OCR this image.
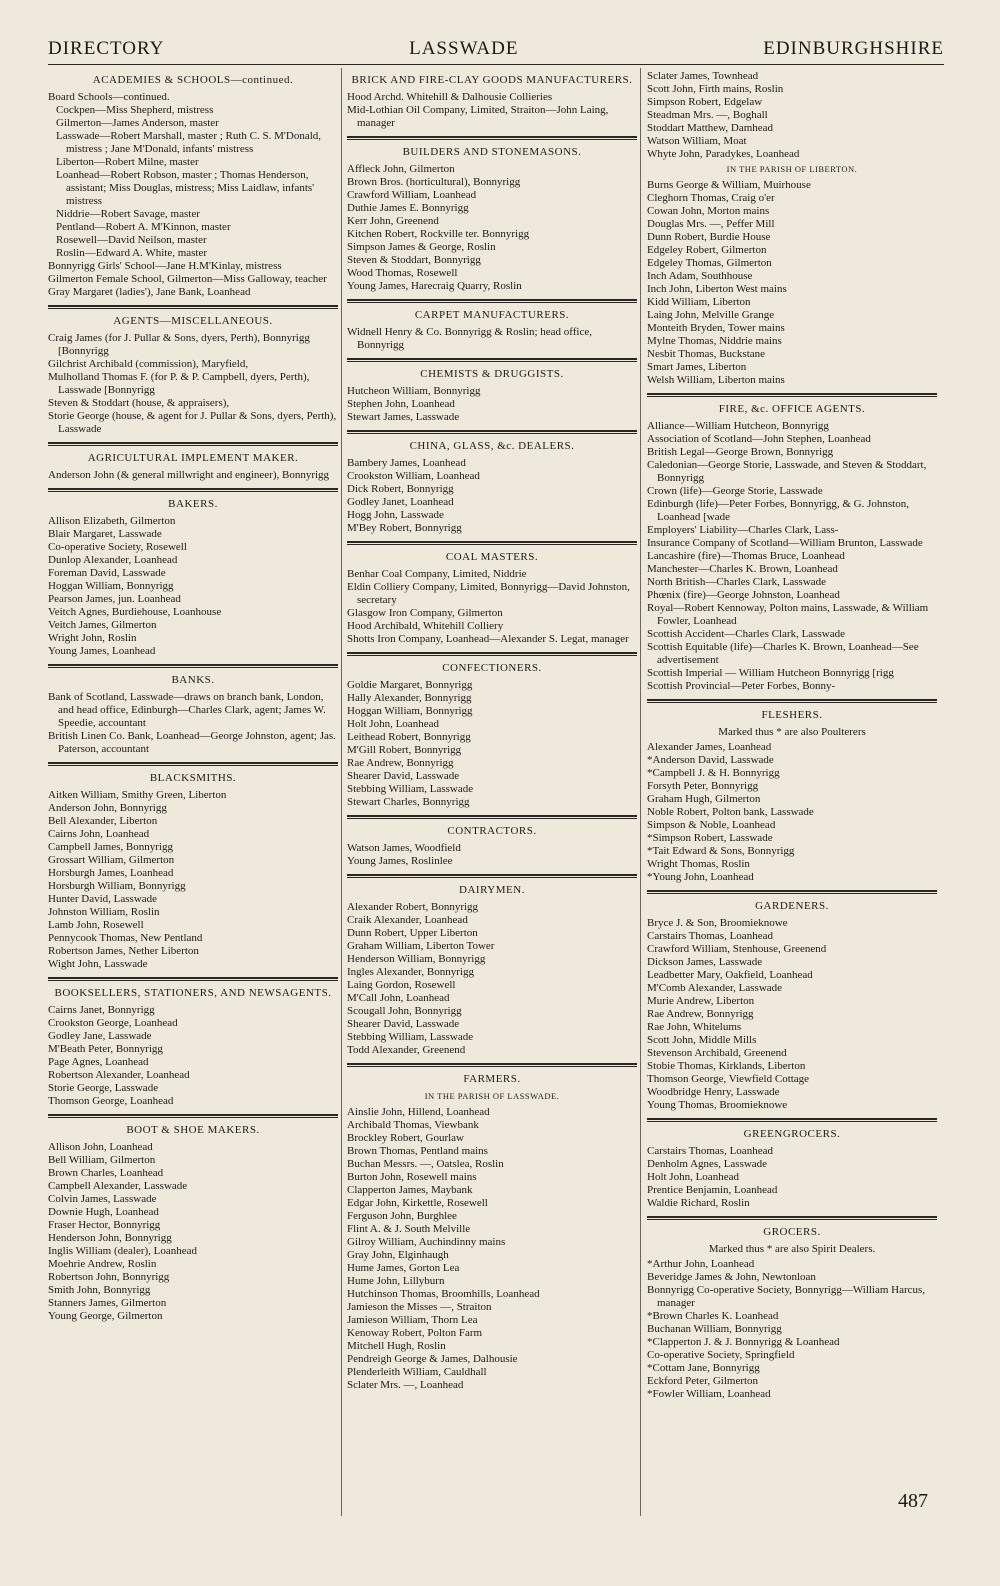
DIRECTORY	LASSWADE	EDINBURGHSHIRE
ACADEMIES & SCHOOLS—continued.

Board Schools—continued.

Cockpen—Miss Shepherd, mistress

Gilmerton—James Anderson, master

Lasswade—Robert Marshall, master ; Ruth C. S. M'Donald, mistress ; Jane M'Donald, infants' mistress

Liberton—Robert Milne, master

Loanhead—Robert Robson, master ; Thomas Henderson, assistant; Miss Douglas, mistress; Miss Laidlaw, infants' mistress

Niddrie—Robert Savage, master

Pentland—Robert A. M'Kinnon, master

Rosewell—David Neilson, master

Roslin—Edward A. White, master

Bonnyrigg Girls' School—Jane H.M'Kinlay, mistress

Gilmerton Female School, Gilmerton—Miss Galloway, teacher

Gray Margaret (ladies'), Jane Bank, Loanhead

AGENTS—MISCELLANEOUS.

Craig James (for J. Pullar & Sons, dyers, Perth), Bonnyrigg [Bonnyrigg

Gilchrist Archibald (commission), Maryfield,

Mulholland Thomas F. (for P. & P. Campbell, dyers, Perth), Lasswade [Bonnyrigg

Steven & Stoddart (house, & appraisers),

Storie George (house, & agent for J. Pullar & Sons, dyers, Perth), Lasswade

AGRICULTURAL IMPLEMENT MAKER.

Anderson John (& general millwright and engineer), Bonnyrigg

BAKERS.

Allison Elizabeth, Gilmerton

Blair Margaret, Lasswade

Co-operative Society, Rosewell

Dunlop Alexander, Loanhead

Foreman David, Lasswade

Hoggan William, Bonnyrigg

Pearson James, jun. Loanhead

Veitch Agnes, Burdiehouse, Loanhouse

Veitch James, Gilmerton

Wright John, Roslin

Young James, Loanhead

BANKS.

Bank of Scotland, Lasswade—draws on branch bank, London, and head office, Edinburgh—Charles Clark, agent; James W. Speedie, accountant

British Linen Co. Bank, Loanhead—George Johnston, agent; Jas. Paterson, accountant

BLACKSMITHS.

Aitken William, Smithy Green, Liberton

Anderson John, Bonnyrigg

Bell Alexander, Liberton

Cairns John, Loanhead

Campbell James, Bonnyrigg

Grossart William, Gilmerton

Horsburgh James, Loanhead

Horsburgh William, Bonnyrigg

Hunter David, Lasswade

Johnston William, Roslin

Lamb John, Rosewell

Pennycook Thomas, New Pentland

Robertson James, Nether Liberton

Wight John, Lasswade

BOOKSELLERS, STATIONERS, AND NEWSAGENTS.

Cairns Janet, Bonnyrigg

Crookston George, Loanhead

Godley Jane, Lasswade

M'Beath Peter, Bonnyrigg

Page Agnes, Loanhead

Robertson Alexander, Loanhead

Storie George, Lasswade

Thomson George, Loanhead

BOOT & SHOE MAKERS.

Allison John, Loanhead

Bell William, Gilmerton

Brown Charles, Loanhead

Campbell Alexander, Lasswade

Colvin James, Lasswade

Downie Hugh, Loanhead

Fraser Hector, Bonnyrigg

Henderson John, Bonnyrigg

Inglis William (dealer), Loanhead

Moehrie Andrew, Roslin

Robertson John, Bonnyrigg

Smith John, Bonnyrigg

Stanners James, Gilmerton

Young George, Gilmerton

BRICK AND FIRE-CLAY GOODS MANUFACTURERS.

Hood Archd. Whitehill & Dalhousie Collieries

Mid-Lothian Oil Company, Limited, Straiton—John Laing, manager

BUILDERS AND STONEMASONS.

Affleck John, Gilmerton

Brown Bros. (horticultural), Bonnyrigg

Crawford William, Loanhead

Duthie James E. Bonnyrigg

Kerr John, Greenend

Kitchen Robert, Rockville ter. Bonnyrigg

Simpson James & George, Roslin

Steven & Stoddart, Bonnyrigg

Wood Thomas, Rosewell

Young James, Harecraig Quarry, Roslin

CARPET MANUFACTURERS.

Widnell Henry & Co. Bonnyrigg & Roslin; head office, Bonnyrigg

CHEMISTS & DRUGGISTS.

Hutcheon William, Bonnyrigg

Stephen John, Loanhead

Stewart James, Lasswade

CHINA, GLASS, &c. DEALERS.

Bambery James, Loanhead

Crookston William, Loanhead

Dick Robert, Bonnyrigg

Godley Janet, Loanhead

Hogg John, Lasswade

M'Bey Robert, Bonnyrigg

COAL MASTERS.

Benhar Coal Company, Limited, Niddrie

Eldin Colliery Company, Limited, Bonnyrigg—David Johnston, secretary

Glasgow Iron Company, Gilmerton

Hood Archibald, Whitehill Colliery

Shotts Iron Company, Loanhead—Alexander S. Legat, manager

CONFECTIONERS.

Goldie Margaret, Bonnyrigg

Hally Alexander, Bonnyrigg

Hoggan William, Bonnyrigg

Holt John, Loanhead

Leithead Robert, Bonnyrigg

M'Gill Robert, Bonnyrigg

Rae Andrew, Bonnyrigg

Shearer David, Lasswade

Stebbing William, Lasswade

Stewart Charles, Bonnyrigg

CONTRACTORS.

Watson James, Woodfield

Young James, Roslinlee

DAIRYMEN.

Alexander Robert, Bonnyrigg

Craik Alexander, Loanhead

Dunn Robert, Upper Liberton

Graham William, Liberton Tower

Henderson William, Bonnyrigg

Ingles Alexander, Bonnyrigg

Laing Gordon, Rosewell

M'Call John, Loanhead

Scougall John, Bonnyrigg

Shearer David, Lasswade

Stebbing William, Lasswade

Todd Alexander, Greenend

FARMERS.
IN THE PARISH OF LASSWADE.

Ainslie John, Hillend, Loanhead

Archibald Thomas, Viewbank

Brockley Robert, Gourlaw

Brown Thomas, Pentland mains

Buchan Messrs. —, Oatslea, Roslin

Burton John, Rosewell mains

Clapperton James, Maybank

Edgar John, Kirkettle, Rosewell

Ferguson John, Burghlee

Flint A. & J. South Melville

Gilroy William, Auchindinny mains

Gray John, Elginhaugh

Hume James, Gorton Lea

Hume John, Lillyburn

Hutchinson Thomas, Broomhills, Loanhead

Jamieson the Misses —, Straiton

Jamieson William, Thorn Lea

Kenoway Robert, Polton Farm

Mitchell Hugh, Roslin

Pendreigh George & James, Dalhousie

Plenderleith William, Cauldhall

Sclater Mrs. —, Loanhead

Sclater James, Townhead

Scott John, Firth mains, Roslin

Simpson Robert, Edgelaw

Steadman Mrs. —, Boghall

Stoddart Matthew, Damhead

Watson William, Moat

Whyte John, Paradykes, Loanhead

IN THE PARISH OF LIBERTON.

Burns George & William, Muirhouse

Cleghorn Thomas, Craig o'er

Cowan John, Morton mains

Douglas Mrs. —, Peffer Mill

Dunn Robert, Burdie House

Edgeley Robert, Gilmerton

Edgeley Thomas, Gilmerton

Inch Adam, Southhouse

Inch John, Liberton West mains

Kidd William, Liberton

Laing John, Melville Grange

Monteith Bryden, Tower mains

Mylne Thomas, Niddrie mains

Nesbit Thomas, Buckstane

Smart James, Liberton

Welsh William, Liberton mains

FIRE, &c. OFFICE AGENTS.

Alliance—William Hutcheon, Bonnyrigg

Association of Scotland—John Stephen, Loanhead

British Legal—George Brown, Bonnyrigg

Caledonian—George Storie, Lasswade, and Steven & Stoddart, Bonnyrigg

Crown (life)—George Storie, Lasswade

Edinburgh (life)—Peter Forbes, Bonnyrigg, & G. Johnston, Loanhead [wade

Employers' Liability—Charles Clark, Lass-

Insurance Company of Scotland—William Brunton, Lasswade

Lancashire (fire)—Thomas Bruce, Loanhead

Manchester—Charles K. Brown, Loanhead

North British—Charles Clark, Lasswade

Phœnix (fire)—George Johnston, Loanhead

Royal—Robert Kennoway, Polton mains, Lasswade, & William Fowler, Loanhead

Scottish Accident—Charles Clark, Lasswade

Scottish Equitable (life)—Charles K. Brown, Loanhead—See advertisement

Scottish Imperial — William Hutcheon Bonnyrigg [rigg

Scottish Provincial—Peter Forbes, Bonny-

FLESHERS.
Marked thus * are also Poulterers

Alexander James, Loanhead

*Anderson David, Lasswade

*Campbell J. & H. Bonnyrigg

Forsyth Peter, Bonnyrigg

Graham Hugh, Gilmerton

Noble Robert, Polton bank, Lasswade

Simpson & Noble, Loanhead

*Simpson Robert, Lasswade

*Tait Edward & Sons, Bonnyrigg

Wright Thomas, Roslin

*Young John, Loanhead

GARDENERS.

Bryce J. & Son, Broomieknowe

Carstairs Thomas, Loanhead

Crawford William, Stenhouse, Greenend

Dickson James, Lasswade

Leadbetter Mary, Oakfield, Loanhead

M'Comb Alexander, Lasswade

Murie Andrew, Liberton

Rae Andrew, Bonnyrigg

Rae John, Whitelums

Scott John, Middle Mills

Stevenson Archibald, Greenend

Stobie Thomas, Kirklands, Liberton

Thomson George, Viewfield Cottage

Woodbridge Henry, Lasswade

Young Thomas, Broomieknowe

GREENGROCERS.

Carstairs Thomas, Loanhead

Denholm Agnes, Lasswade

Holt John, Loanhead

Prentice Benjamin, Loanhead

Waldie Richard, Roslin

GROCERS.
Marked thus * are also Spirit Dealers.

*Arthur John, Loanhead

Beveridge James & John, Newtonloan

Bonnyrigg Co-operative Society, Bonnyrigg—William Harcus, manager

*Brown Charles K. Loanhead

Buchanan William, Bonnyrigg

*Clapperton J. & J. Bonnyrigg & Loanhead

Co-operative Society, Springfield

*Cottam Jane, Bonnyrigg

Eckford Peter, Gilmerton

*Fowler William, Loanhead

487
